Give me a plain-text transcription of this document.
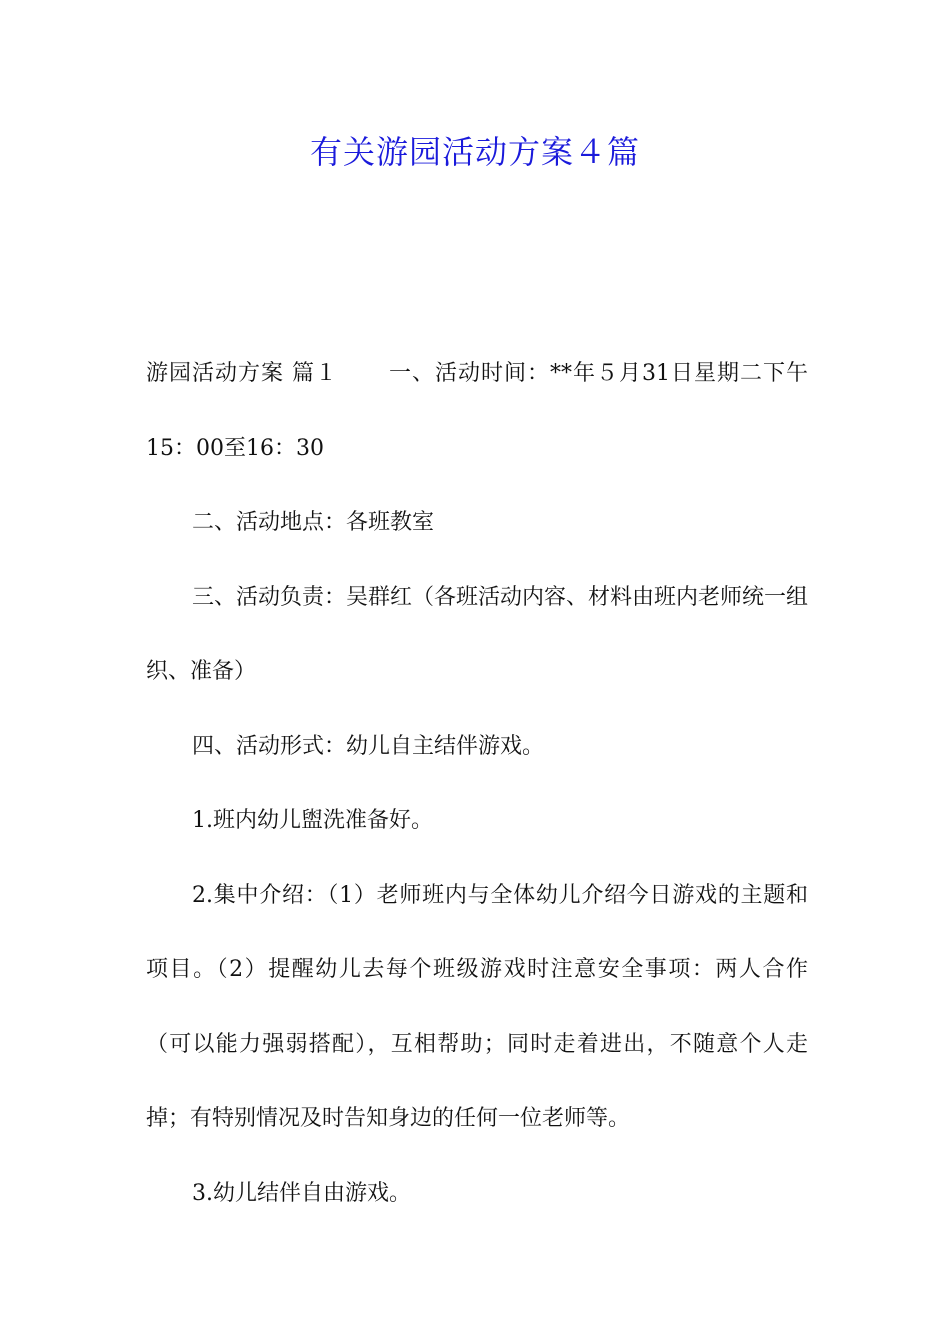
有关游园活动方案４篇

游园活动方案 篇１ 一、活动时间：**年５月31日星期二下午15：00至16：30

二、活动地点：各班教室

三、活动负责：吴群红（各班活动内容、材料由班内老师统一组织、准备）

四、活动形式：幼儿自主结伴游戏。

1.班内幼儿盥洗准备好。

2.集中介绍：（1）老师班内与全体幼儿介绍今日游戏的主题和项目。（2）提醒幼儿去每个班级游戏时注意安全事项：两人合作（可以能力强弱搭配），互相帮助；同时走着进出，不随意个人走掉；有特别情况及时告知身边的任何一位老师等。

3.幼儿结伴自由游戏。
